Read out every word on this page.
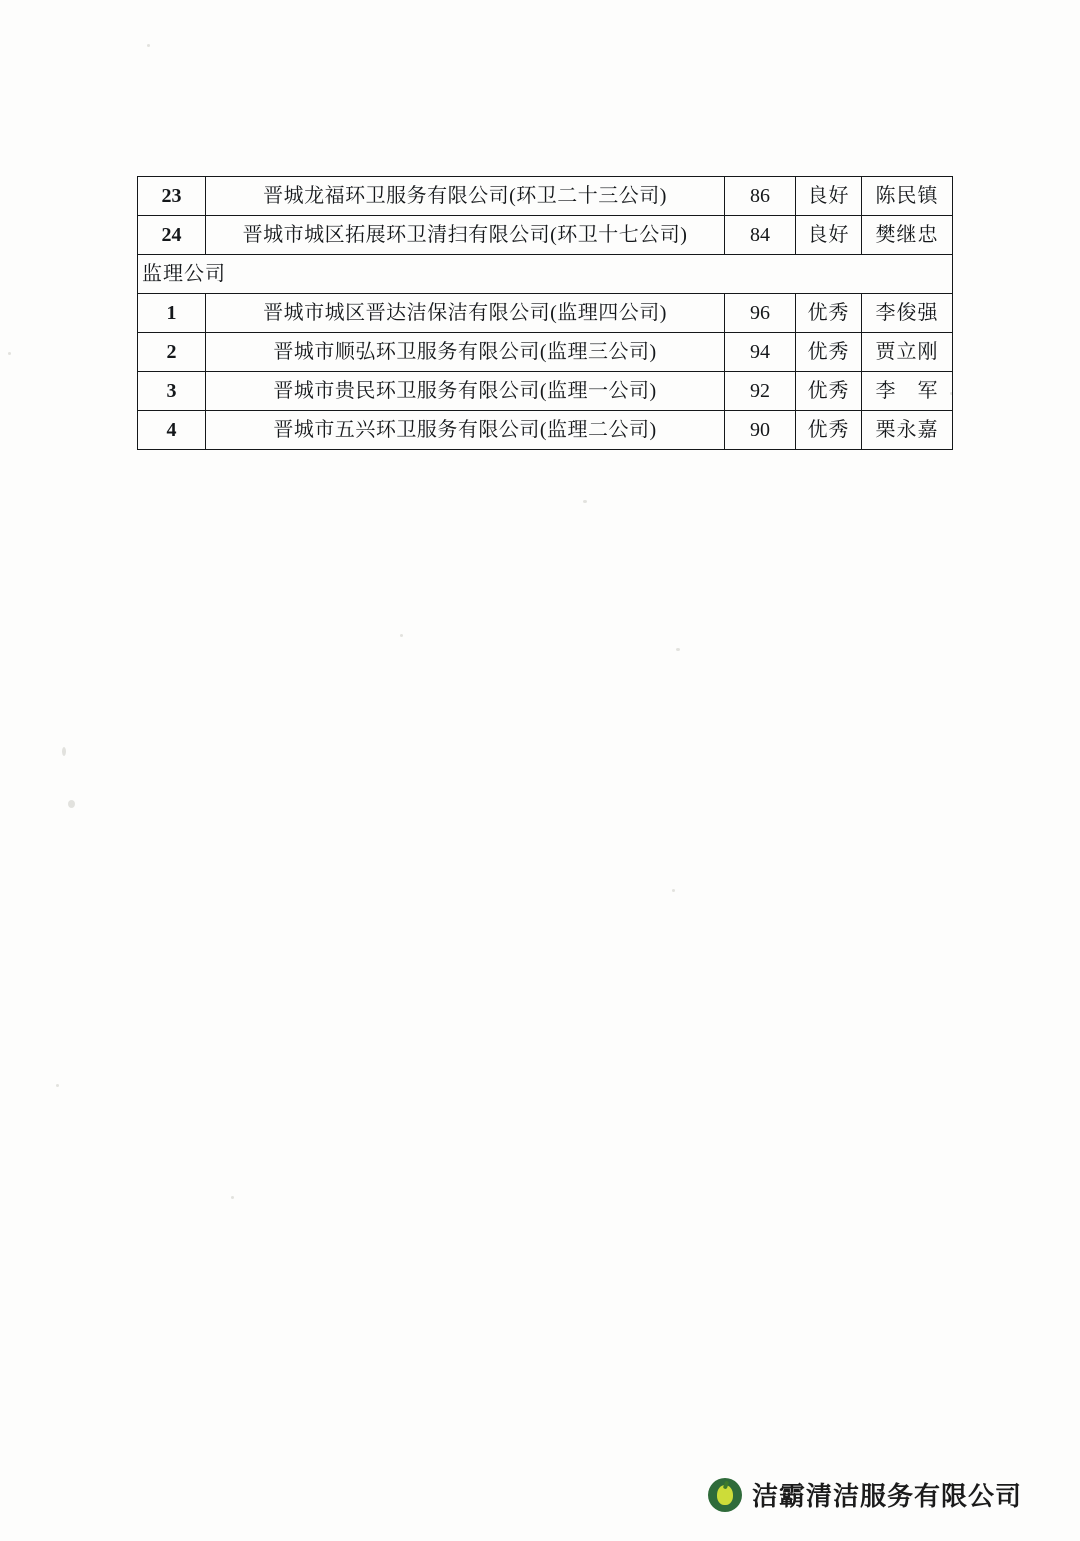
23	晋城龙福环卫服务有限公司(环卫二十三公司)	86	良好	陈民镇
24	晋城市城区拓展环卫清扫有限公司(环卫十七公司)	84	良好	樊继忠
监理公司				
1	晋城市城区晋达洁保洁有限公司(监理四公司)	96	优秀	李俊强
2	晋城市顺弘环卫服务有限公司(监理三公司)	94	优秀	贾立刚
3	晋城市贵民环卫服务有限公司(监理一公司)	92	优秀	李　军
4	晋城市五兴环卫服务有限公司(监理二公司)	90	优秀	栗永嘉
洁霸清洁服务有限公司
